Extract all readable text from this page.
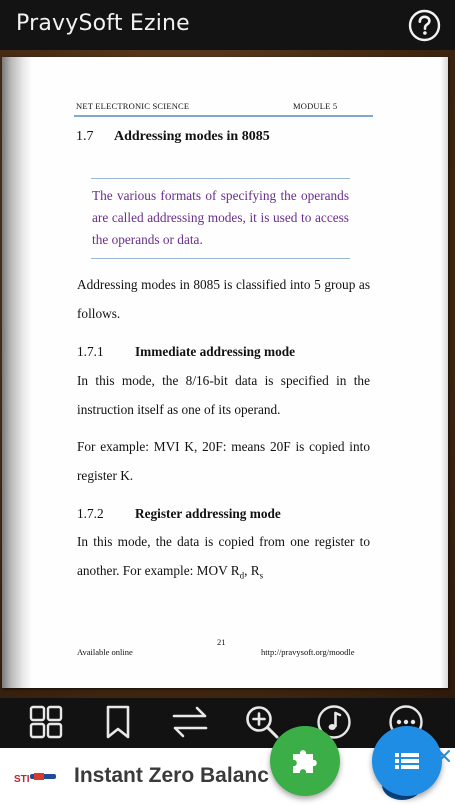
PravySoft Ezine
NET ELECTRONIC SCIENCE	MODULE 5
1.7 Addressing modes in 8085
The various formats of specifying the operands are called addressing modes, it is used to access the operands or data.
Addressing modes in 8085 is classified into 5 group as follows.
1.7.1 Immediate addressing mode
In this mode, the 8/16-bit data is specified in the instruction itself as one of its operand.
For example: MVI K, 20F: means 20F is copied into register K.
1.7.2 Register addressing mode
In this mode, the data is copied from one register to another. For example: MOV $R_d$, $R_s$
21
Available online	http://pravysoft.org/moodle
STI Instant Zero Balanc
